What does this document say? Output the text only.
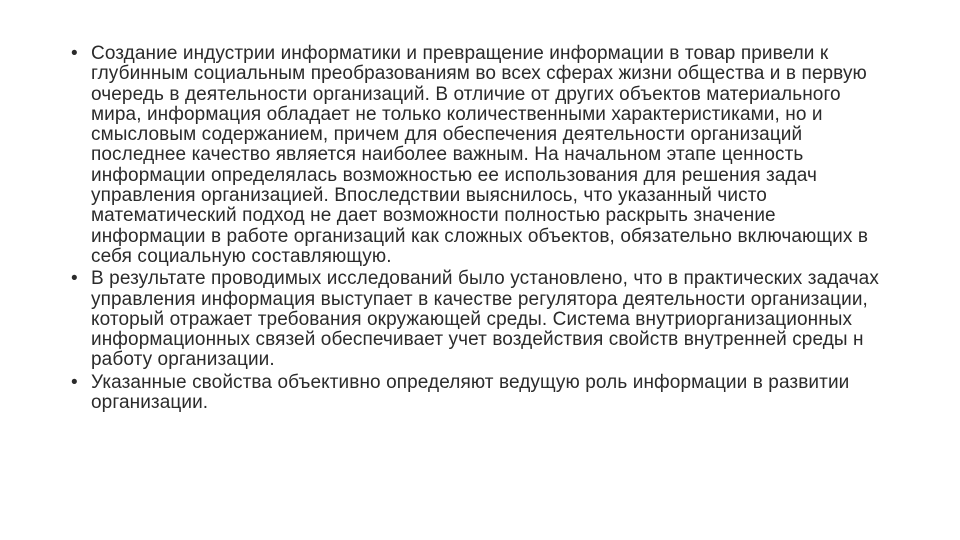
• Создание индустрии информатики и превращение информации в товар привели к глубинным социальным преобразованиям во всех сферах жизни общества и в первую очередь в деятельности организаций. В отличие от других объектов материального мира, информация обладает не только количественными характеристиками, но и смысловым содержанием, причем для обеспечения деятельности организаций последнее качество является наиболее важным. На начальном этапе ценность информации определялась возможностью ее использования для решения задач управления организацией. Впоследствии выяснилось, что указанный чисто математический подход не дает возможности полностью раскрыть значение информации в работе организаций как сложных объектов, обязательно включающих в себя социальную составляющую.
• В результате проводимых исследований было установлено, что в практических задачах управления информация выступает в качестве регулятора деятельности организации, который отражает требования окружающей среды. Система внутриорганизационных информационных связей обеспечивает учет воздействия свойств внутренней среды н работу организации.
• Указанные свойства объективно определяют ведущую роль информации в развитии организации.
